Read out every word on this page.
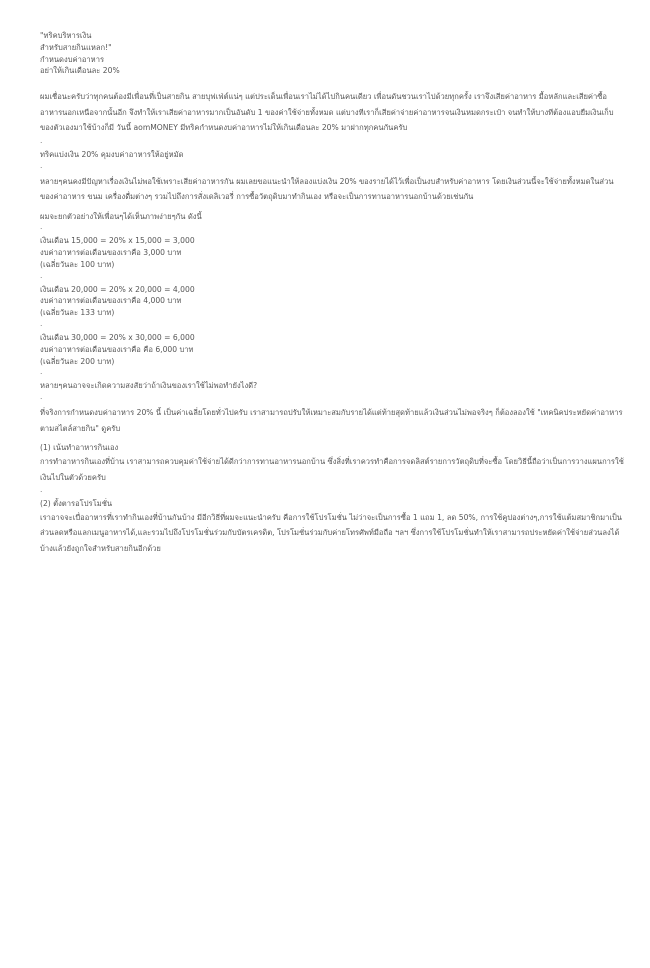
"ทริคบริหารเงิน
สำหรับสายกินแหลก!"
กำหนดงบค่าอาหาร
อย่าให้เกินเดือนละ 20%
ผมเชื่อนะครับว่าทุกคนต้องมีเพื่อนที่เป็นสายกิน สายบุฟเฟ่ต์แน่ๆ แต่ประเด็นเพื่อนเราไม่ได้ไปกินคนเดียว เพื่อนดันชวนเราไปด้วยทุกครั้ง เราจึงเสียค่าอาหาร มื้อหลักและเสียค่าซื้ออาหารนอกเหนือจากนั้นอีก จึงทำให้เราเสียค่าอาหารมากเป็นอันดับ 1 ของค่าใช้จ่ายทั้งหมด แต่บางทีเราก็เสียค่าจ่ายค่าอาหารจนเงินหมดกระเป๋า จนทำให้บางทีต้องแอบยืมเงินเก็บของตัวเองมาใช้บ้างก็มี วันนี้ aomMONEY มีทริคกำหนดงบค่าอาหารไม่ให้เกินเดือนละ 20% มาฝากทุกคนกันครับ
.
ทริคแบ่งเงิน 20% คุมงบค่าอาหารให้อยู่หมัด
.
หลายๆคนคงมีปัญหาเรื่องเงินไม่พอใช้เพราะเสียค่าอาหารกัน ผมเลยขอแนะนำให้ลองแบ่งเงิน 20% ของรายได้ไว้เพื่อเป็นงบสำหรับค่าอาหาร โดยเงินส่วนนี้จะใช้จ่ายทั้งหมดในส่วนของค่าอาหาร ขนม เครื่องดื่มต่างๆ รวมไปถึงการสั่งเดลิเวอรี่ การซื้อวัตถุดิบมาทำกินเอง หรือจะเป็นการทานอาหารนอกบ้านด้วยเช่นกัน
ผมจะยกตัวอย่างให้เพื่อนๆได้เห็นภาพง่ายๆกัน ดังนี้
.
เงินเดือน 15,000 = 20% x 15,000 = 3,000
งบค่าอาหารต่อเดือนของเราคือ 3,000 บาท
(เฉลี่ยวันละ 100 บาท)
.
เงินเดือน 20,000 = 20% x 20,000 = 4,000
งบค่าอาหารต่อเดือนของเราคือ 4,000 บาท
(เฉลี่ยวันละ 133 บาท)
.
เงินเดือน 30,000 = 20% x 30,000 = 6,000
งบค่าอาหารต่อเดือนของเราคือ คือ 6,000 บาท
(เฉลี่ยวันละ 200 บาท)
.
หลายๆคนอาจจะเกิดความสงสัยว่าถ้าเงินของเราใช้ไม่พอทำยังไงดี?
.
ที่จริงการกำหนดงบค่าอาหาร 20% นี้ เป็นค่าเฉลี่ยโดยทั่วไปครับ เราสามารถปรับให้เหมาะสมกับรายได้แต่ท้ายสุดท้ายแล้วเงินส่วนไม่พอจริงๆ ก็ต้องลองใช้ "เทคนิคประหยัดค่าอาหารตามสไตล์สายกิน" ดูครับ
(1) เน้นทำอาหารกินเอง
การทำอาหารกินเองที่บ้าน เราสามารถควบคุมค่าใช้จ่ายได้ดีกว่าการทานอาหารนอกบ้าน ซึ่งสิ่งที่เราควรทำคือการจดลิสต์รายการวัตถุดิบที่จะซื้อ โดยวิธีนี้ถือว่าเป็นการวางแผนการใช้เงินไปในตัวด้วยครับ
.
(2) ตั้งตารอโปรโมชั่น
เราอาจจะเบื่ออาหารที่เราทำกินเองที่บ้านกันบ้าง มีอีกวิธีที่ผมจะแนะนำครับ คือการใช้โปรโมชั่น ไม่ว่าจะเป็นการซื้อ 1 แถม 1, ลด 50%, การใช้คูปองต่างๆ,การใช้แต้มสมาชิกมาเป็นส่วนลดหรือแลกเมนูอาหารได้,และรวมไปถึงโปรโมชั่นร่วมกับบัตรเครดิต, โปรโมชั่นร่วมกับค่ายโทรศัพท์มือถือ ฯลฯ ซึ่งการใช้โปรโมชั่นทำให้เราสามารถประหยัดค่าใช้จ่ายส่วนลงได้บ้างแล้วยังถูกใจสำหรับสายกินอีกด้วย
